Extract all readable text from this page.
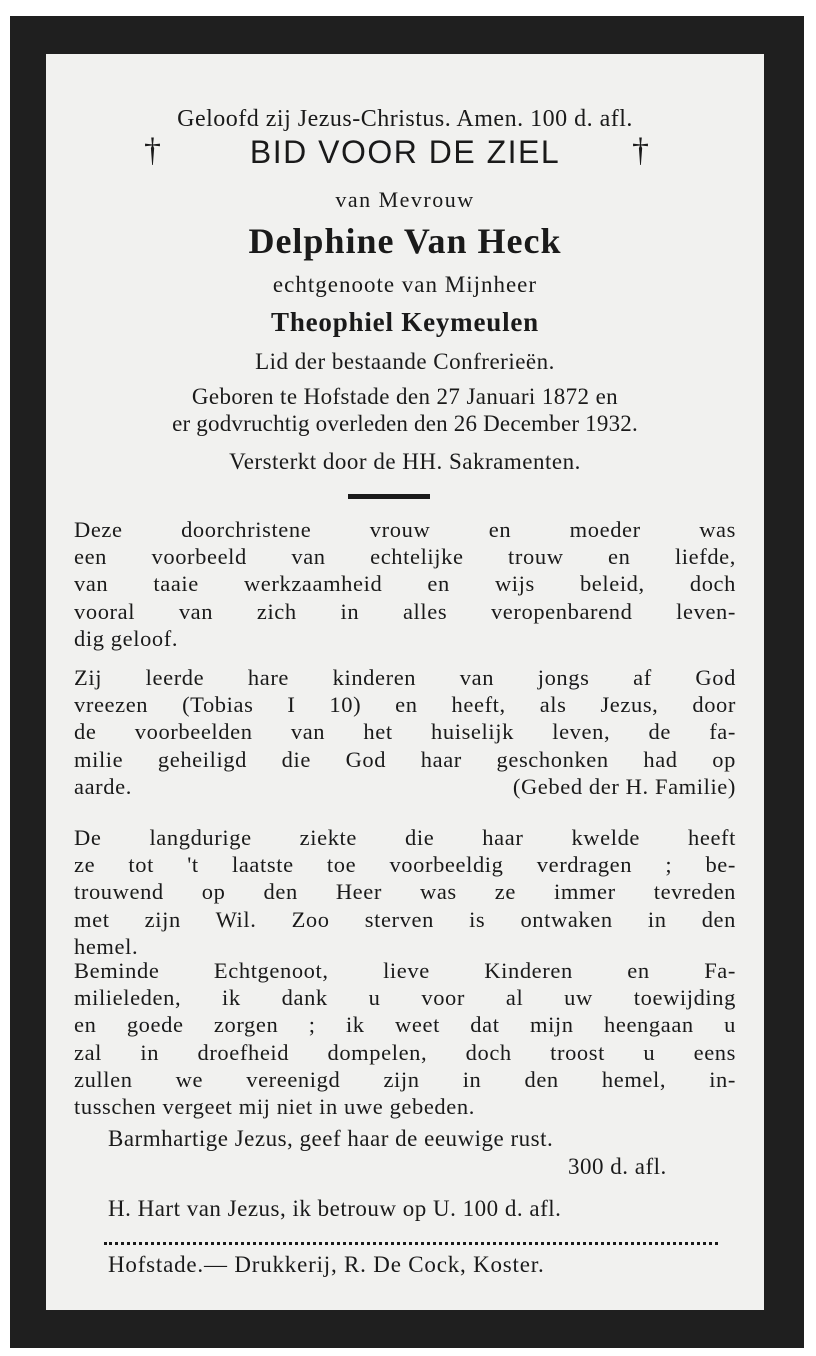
Geloofd zij Jezus-Christus. Amen. 100 d. afl.
†	BID VOOR DE ZIEL	†
van Mevrouw
Delphine Van Heck
echtgenoote van Mijnheer
Theophiel Keymeulen
Lid der bestaande Confrerieën.
Geboren te Hofstade den 27 Januari 1872 en
er godvruchtig overleden den 26 December 1932.
Versterkt door de HH. Sakramenten.
Deze doorchristene vrouw en moeder was
een voorbeeld van echtelijke trouw en liefde,
van taaie werkzaamheid en wijs beleid, doch
vooral van zich in alles veropenbarend leven-
dig geloof.
Zij leerde hare kinderen van jongs af God
vreezen (Tobias I 10) en heeft, als Jezus, door
de voorbeelden van het huiselijk leven, de fa-
milie geheiligd die God haar geschonken had op
aarde.	(Gebed der H. Familie)
De langdurige ziekte die haar kwelde heeft
ze tot 't laatste toe voorbeeldig verdragen ; be-
trouwend op den Heer was ze immer tevreden
met zijn Wil. Zoo sterven is ontwaken in den
hemel.
Beminde Echtgenoot, lieve Kinderen en Fa-
milieleden, ik dank u voor al uw toewijding
en goede zorgen ; ik weet dat mijn heengaan u
zal in droefheid dompelen, doch troost u eens
zullen we vereenigd zijn in den hemel, in-
tusschen vergeet mij niet in uwe gebeden.
Barmhartige Jezus, geef haar de eeuwige rust.
300 d. afl.
H. Hart van Jezus, ik betrouw op U. 100 d. afl.
Hofstade.— Drukkerij, R. De Cock, Koster.
